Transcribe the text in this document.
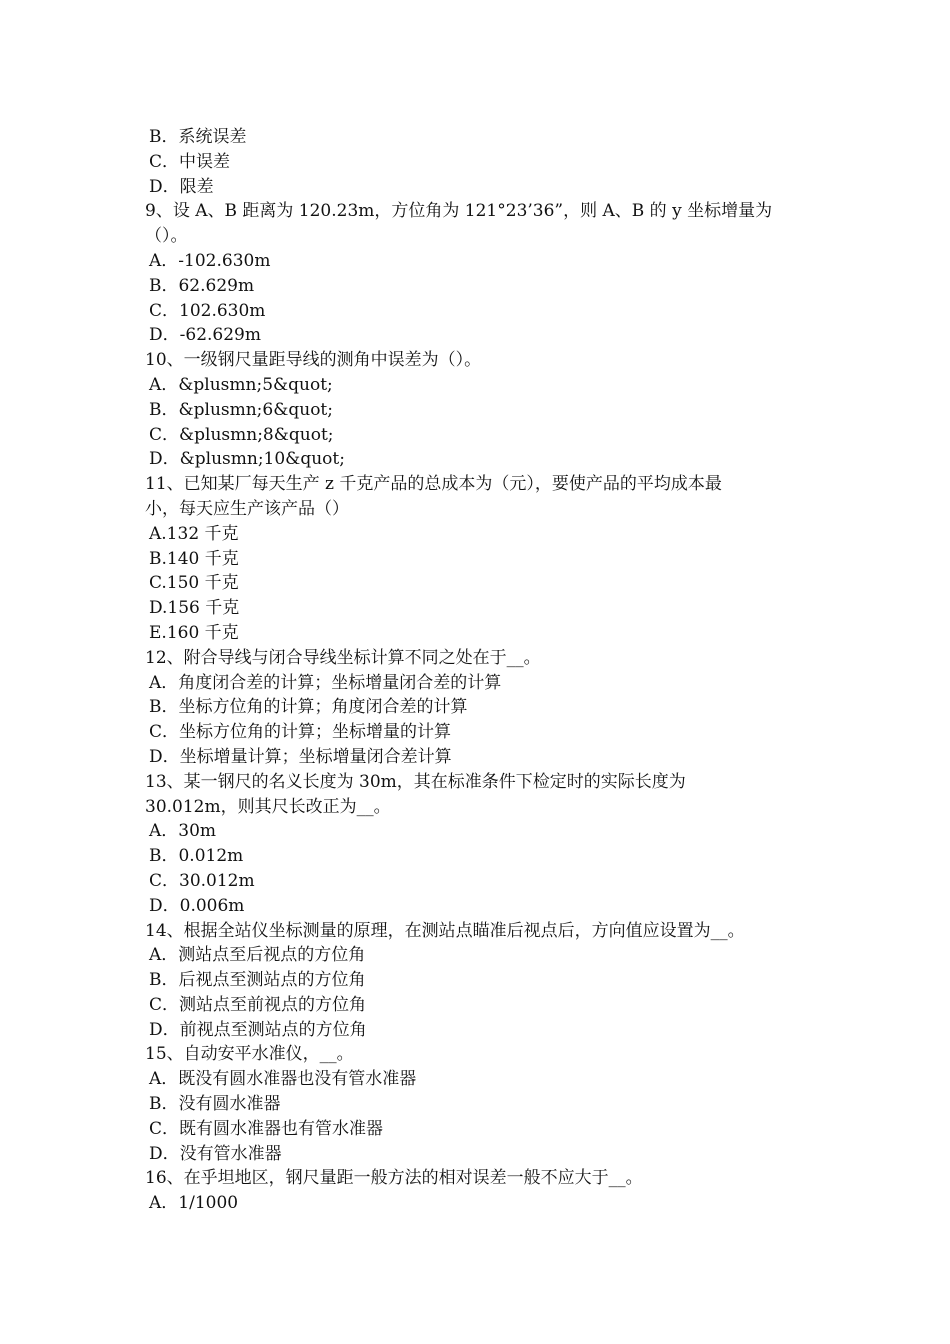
B．系统误差
C．中误差
D．限差
9、设 A、B 距离为 120.23m，方位角为 121°23’36”，则 A、B 的 y 坐标增量为
（）。
A．-102.630m
B．62.629m
C．102.630m
D．-62.629m
10、一级钢尺量距导线的测角中误差为（）。
A．&plusmn;5&quot;
B．&plusmn;6&quot;
C．&plusmn;8&quot;
D．&plusmn;10&quot;
11、已知某厂每天生产 z 千克产品的总成本为（元），要使产品的平均成本最
小，每天应生产该产品（）
A.132 千克
B.140 千克
C.150 千克
D.156 千克
E.160 千克
12、附合导线与闭合导线坐标计算不同之处在于__。
A．角度闭合差的计算；坐标增量闭合差的计算
B．坐标方位角的计算；角度闭合差的计算
C．坐标方位角的计算；坐标增量的计算
D．坐标增量计算；坐标增量闭合差计算
13、某一钢尺的名义长度为 30m，其在标准条件下检定时的实际长度为
30.012m，则其尺长改正为__。
A．30m
B．0.012m
C．30.012m
D．0.006m
14、根据全站仪坐标测量的原理，在测站点瞄准后视点后，方向值应设置为__。
A．测站点至后视点的方位角
B．后视点至测站点的方位角
C．测站点至前视点的方位角
D．前视点至测站点的方位角
15、自动安平水准仪，__。
A．既没有圆水准器也没有管水准器
B．没有圆水准器
C．既有圆水准器也有管水准器
D．没有管水准器
16、在乎坦地区，钢尺量距一般方法的相对误差一般不应大于__。
A．1/1000
